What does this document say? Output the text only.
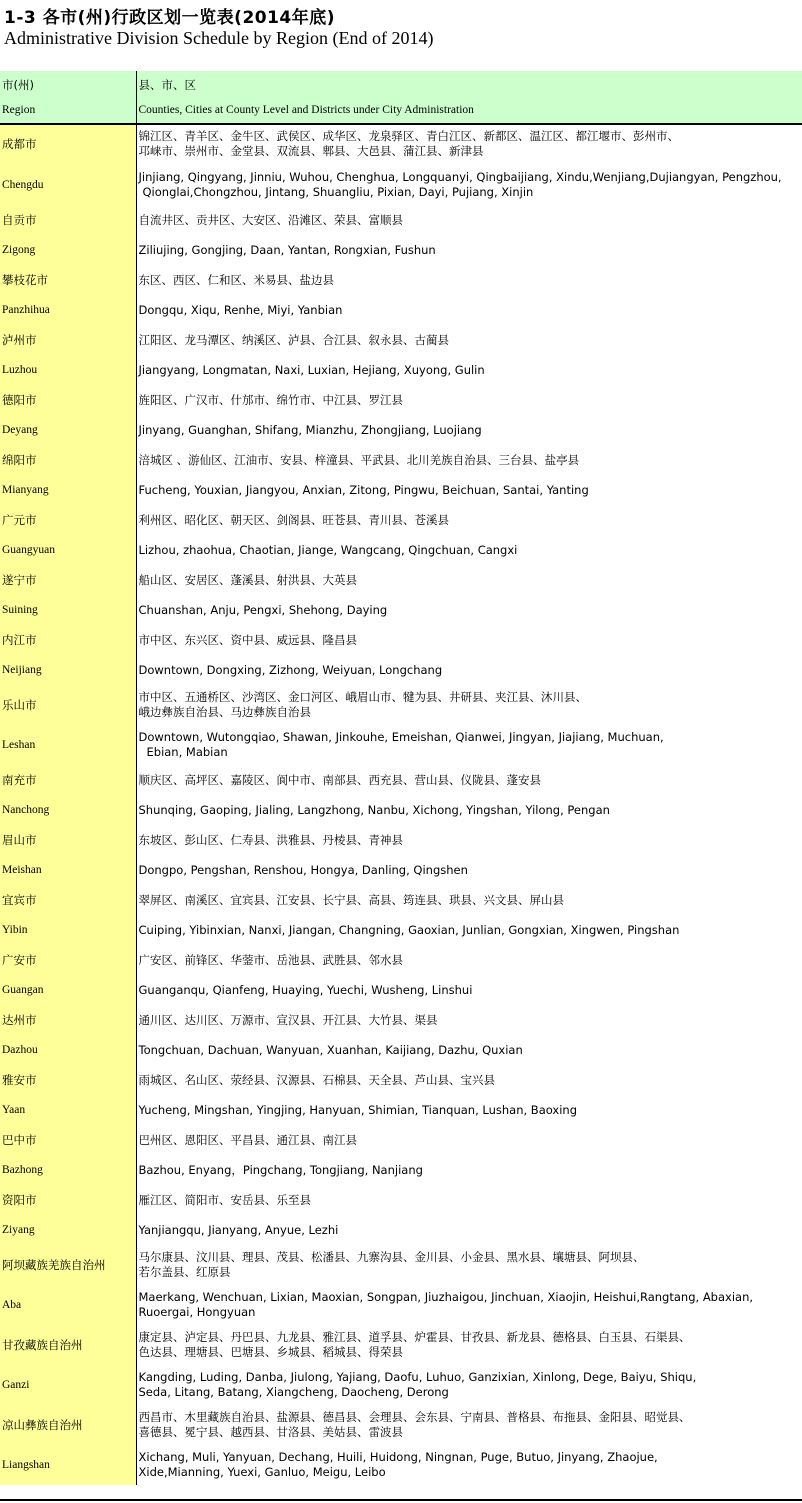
1-3 各市(州)行政区划一览表(2014年底)
Administrative Division Schedule by Region (End of 2014)
市(州)	县、市、区
Region	Counties, Cities at County Level and Districts under City Administration
成都市	锦江区、青羊区、金牛区、武侯区、成华区、龙泉驿区、青白江区、新都区、温江区、都江堰市、彭州市、
邛崃市、崇州市、金堂县、双流县、郫县、大邑县、蒲江县、新津县

Chengdu	Jinjiang, Qingyang, Jinniu, Wuhou, Chenghua, Longquanyi, Qingbaijiang, Xindu,Wenjiang,Dujiangyan, Pengzhou,
Qionglai,Chongzhou, Jintang, Shuangliu, Pixian, Dayi, Pujiang, Xinjin

自贡市	自流井区、贡井区、大安区、沿滩区、荣县、富顺县

Zigong	Ziliujing, Gongjing, Daan, Yantan, Rongxian, Fushun

攀枝花市	东区、西区、仁和区、米易县、盐边县

Panzhihua	Dongqu, Xiqu, Renhe, Miyi, Yanbian

泸州市	江阳区、龙马潭区、纳溪区、泸县、合江县、叙永县、古蔺县

Luzhou	Jiangyang, Longmatan, Naxi, Luxian, Hejiang, Xuyong, Gulin

德阳市	旌阳区、广汉市、什邡市、绵竹市、中江县、罗江县

Deyang	Jinyang, Guanghan, Shifang, Mianzhu, Zhongjiang, Luojiang

绵阳市	涪城区 、游仙区、江油市、安县、梓潼县、平武县、北川羌族自治县、三台县、盐亭县

Mianyang	Fucheng, Youxian, Jiangyou, Anxian, Zitong, Pingwu, Beichuan, Santai, Yanting

广元市	利州区、昭化区、朝天区、剑阁县、旺苍县、青川县、苍溪县

Guangyuan	Lizhou, zhaohua, Chaotian, Jiange, Wangcang, Qingchuan, Cangxi

遂宁市	船山区、安居区、蓬溪县、射洪县、大英县

Suining	Chuanshan, Anju, Pengxi, Shehong, Daying

内江市	市中区、东兴区、资中县、威远县、隆昌县

Neijiang	Downtown, Dongxing, Zizhong, Weiyuan, Longchang

乐山市	市中区、五通桥区、沙湾区、金口河区、峨眉山市、犍为县、井研县、夹江县、沐川县、
峨边彝族自治县、马边彝族自治县

Leshan	Downtown, Wutongqiao, Shawan, Jinkouhe, Emeishan, Qianwei, Jingyan, Jiajiang, Muchuan,
Ebian, Mabian

南充市	顺庆区、高坪区、嘉陵区、阆中市、南部县、西充县、营山县、仪陇县、蓬安县

Nanchong	Shunqing, Gaoping, Jialing, Langzhong, Nanbu, Xichong, Yingshan, Yilong, Pengan

眉山市	东坡区、彭山区、仁寿县、洪雅县、丹棱县、青神县

Meishan	Dongpo, Pengshan, Renshou, Hongya, Danling, Qingshen

宜宾市	翠屏区、南溪区、宜宾县、江安县、长宁县、高县、筠连县、珙县、兴文县、屏山县

Yibin	Cuiping, Yibinxian, Nanxi, Jiangan, Changning, Gaoxian, Junlian, Gongxian, Xingwen, Pingshan

广安市	广安区、前锋区、华蓥市、岳池县、武胜县、邻水县

Guangan	Guanganqu, Qianfeng, Huaying, Yuechi, Wusheng, Linshui

达州市	通川区、达川区、万源市、宣汉县、开江县、大竹县、渠县

Dazhou	Tongchuan, Dachuan, Wanyuan, Xuanhan, Kaijiang, Dazhu, Quxian

雅安市	雨城区、名山区、荥经县、汉源县、石棉县、天全县、芦山县、宝兴县

Yaan	Yucheng, Mingshan, Yingjing, Hanyuan, Shimian, Tianquan, Lushan, Baoxing

巴中市	巴州区、恩阳区、平昌县、通江县、南江县

Bazhong	Bazhou, Enyang，Pingchang, Tongjiang, Nanjiang

资阳市	雁江区、简阳市、安岳县、乐至县

Ziyang	Yanjiangqu, Jianyang, Anyue, Lezhi

阿坝藏族羌族自治州	马尔康县、汶川县、理县、茂县、松潘县、九寨沟县、金川县、小金县、黑水县、壤塘县、阿坝县、
若尔盖县、红原县

Aba	Maerkang, Wenchuan, Lixian, Maoxian, Songpan, Jiuzhaigou, Jinchuan, Xiaojin, Heishui,Rangtang, Abaxian,
Ruoergai, Hongyuan

甘孜藏族自治州	康定县、泸定县、丹巴县、九龙县、雅江县、道孚县、炉霍县、甘孜县、新龙县、德格县、白玉县、石渠县、
色达县、理塘县、巴塘县、乡城县、稻城县、得荣县

Ganzi	Kangding, Luding, Danba, Jiulong, Yajiang, Daofu, Luhuo, Ganzixian, Xinlong, Dege, Baiyu, Shiqu,
Seda, Litang, Batang, Xiangcheng, Daocheng, Derong

凉山彝族自治州	西昌市、木里藏族自治县、盐源县、德昌县、会理县、会东县、宁南县、普格县、布拖县、金阳县、昭觉县、
喜德县、冕宁县、越西县、甘洛县、美姑县、雷波县

Liangshan	Xichang, Muli, Yanyuan, Dechang, Huili, Huidong, Ningnan, Puge, Butuo, Jinyang, Zhaojue,
Xide,Mianning, Yuexi, Ganluo, Meigu, Leibo
